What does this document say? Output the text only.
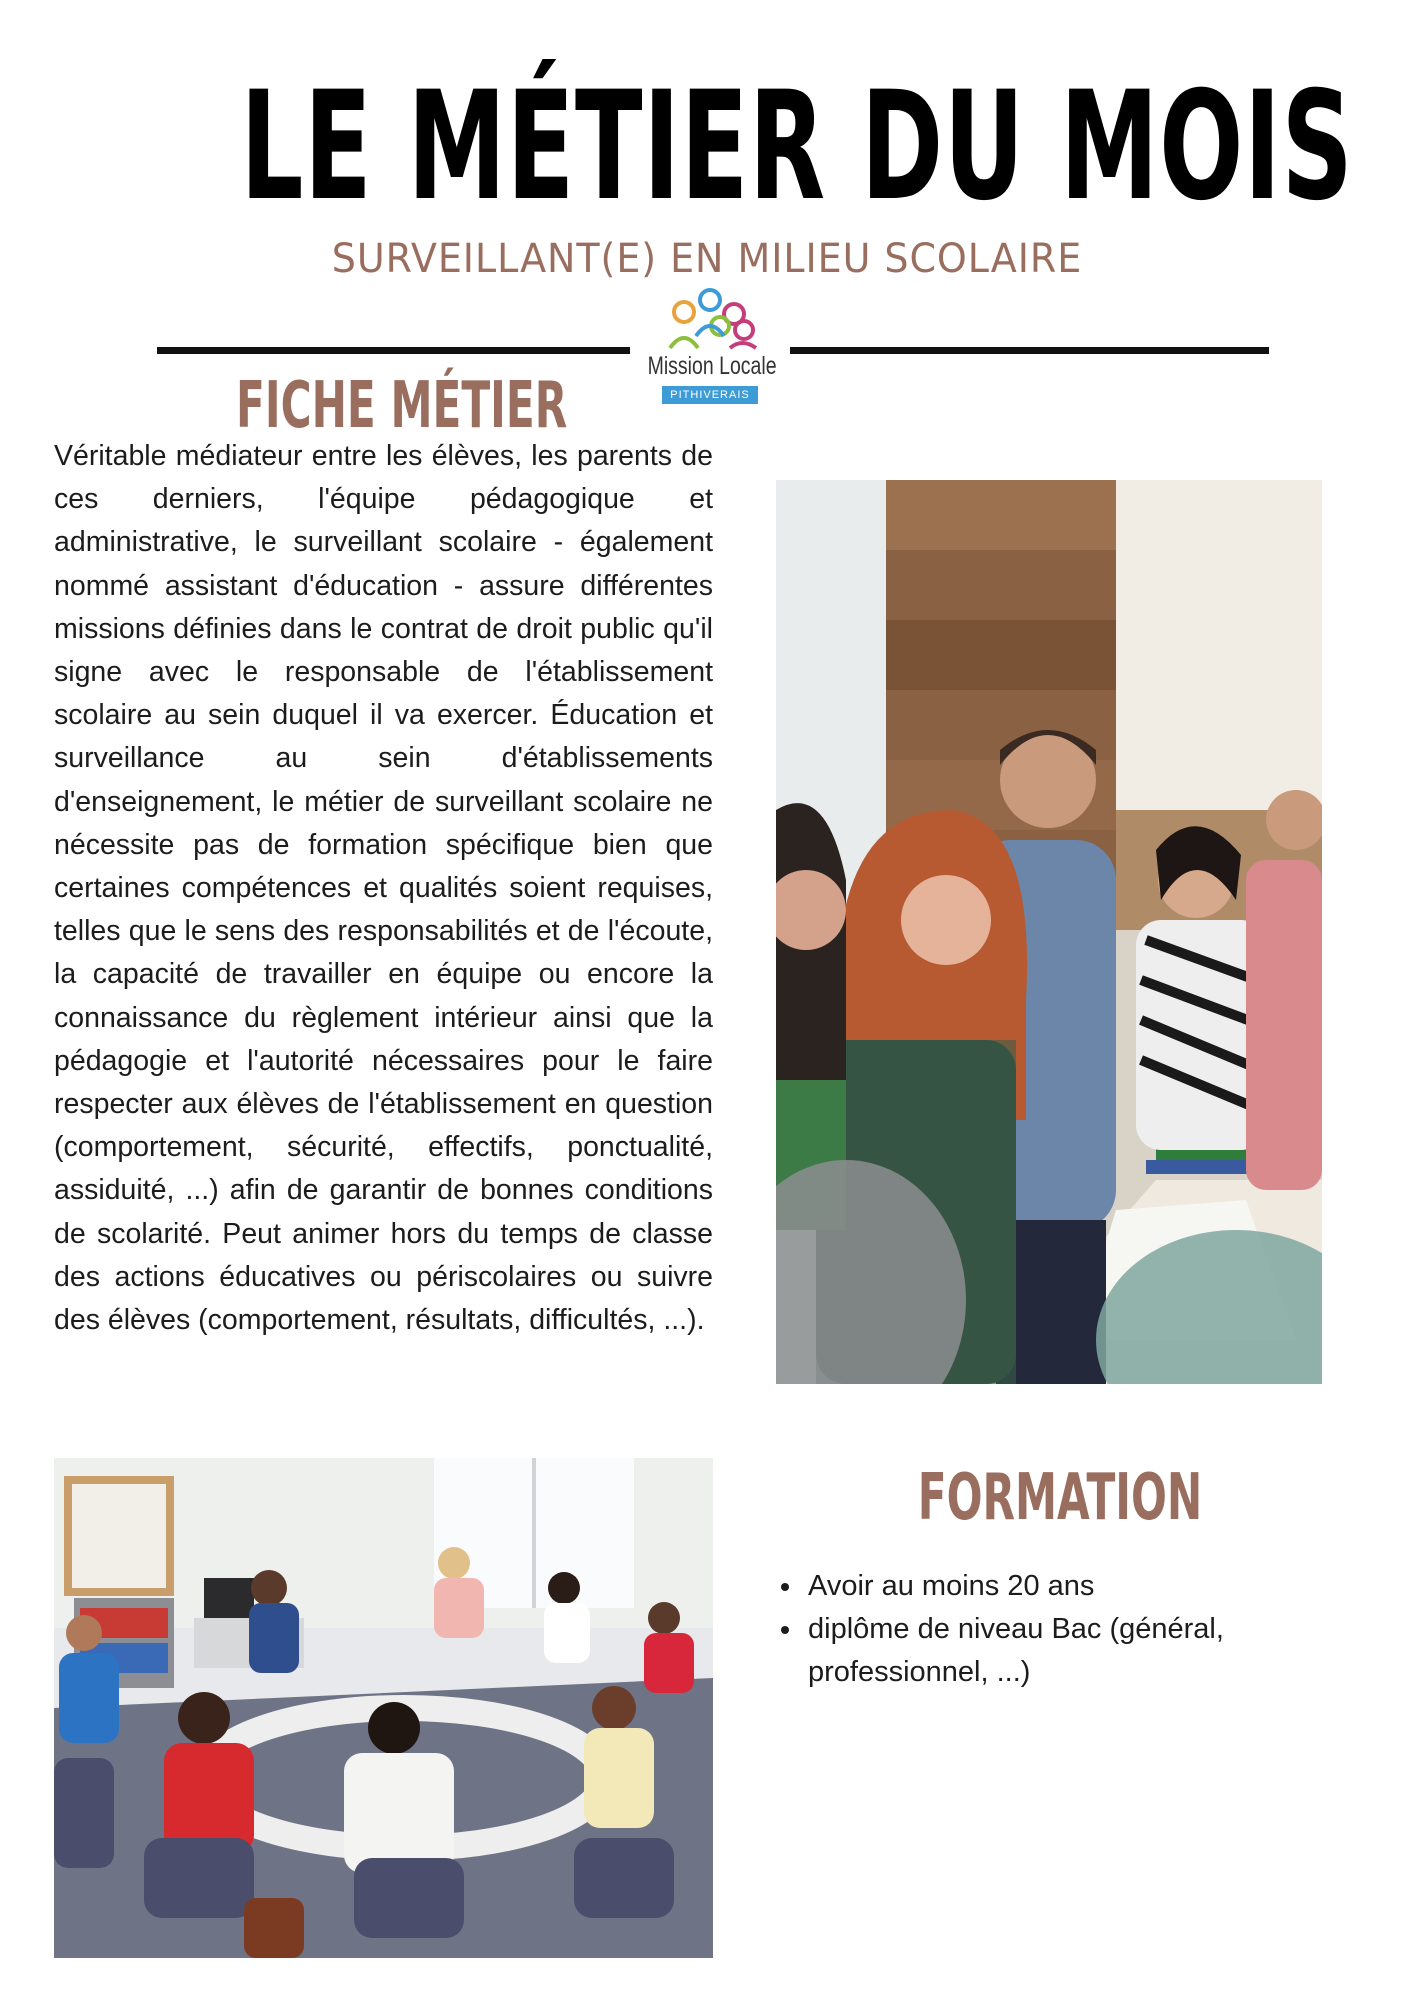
LE MÉTIER DU MOIS
SURVEILLANT(E) EN MILIEU SCOLAIRE
Mission Locale
PITHIVERAIS
FICHE MÉTIER

Véritable médiateur entre les élèves, les parents de ces derniers, l'équipe pédagogique et administrative, le surveillant scolaire - également nommé assistant d'éducation - assure différentes missions définies dans le contrat de droit public qu'il signe avec le responsable de l'établissement scolaire au sein duquel il va exercer. Éducation et surveillance au sein d'établissements d'enseignement, le métier de surveillant scolaire ne nécessite pas de formation spécifique bien que certaines compétences et qualités soient requises, telles que le sens des responsabilités et de l'écoute, la capacité de travailler en équipe ou encore la connaissance du règlement intérieur ainsi que la pédagogie et l'autorité nécessaires pour le faire respecter aux élèves de l'établissement en question (comportement, sécurité, effectifs, ponctualité, assiduité, ...) afin de garantir de bonnes conditions de scolarité. Peut animer hors du temps de classe des actions éducatives ou périscolaires ou suivre des élèves (comportement, résultats, difficultés, ...).

FORMATION
• Avoir au moins 20 ans
• diplôme de niveau Bac (général, professionnel, ...)
